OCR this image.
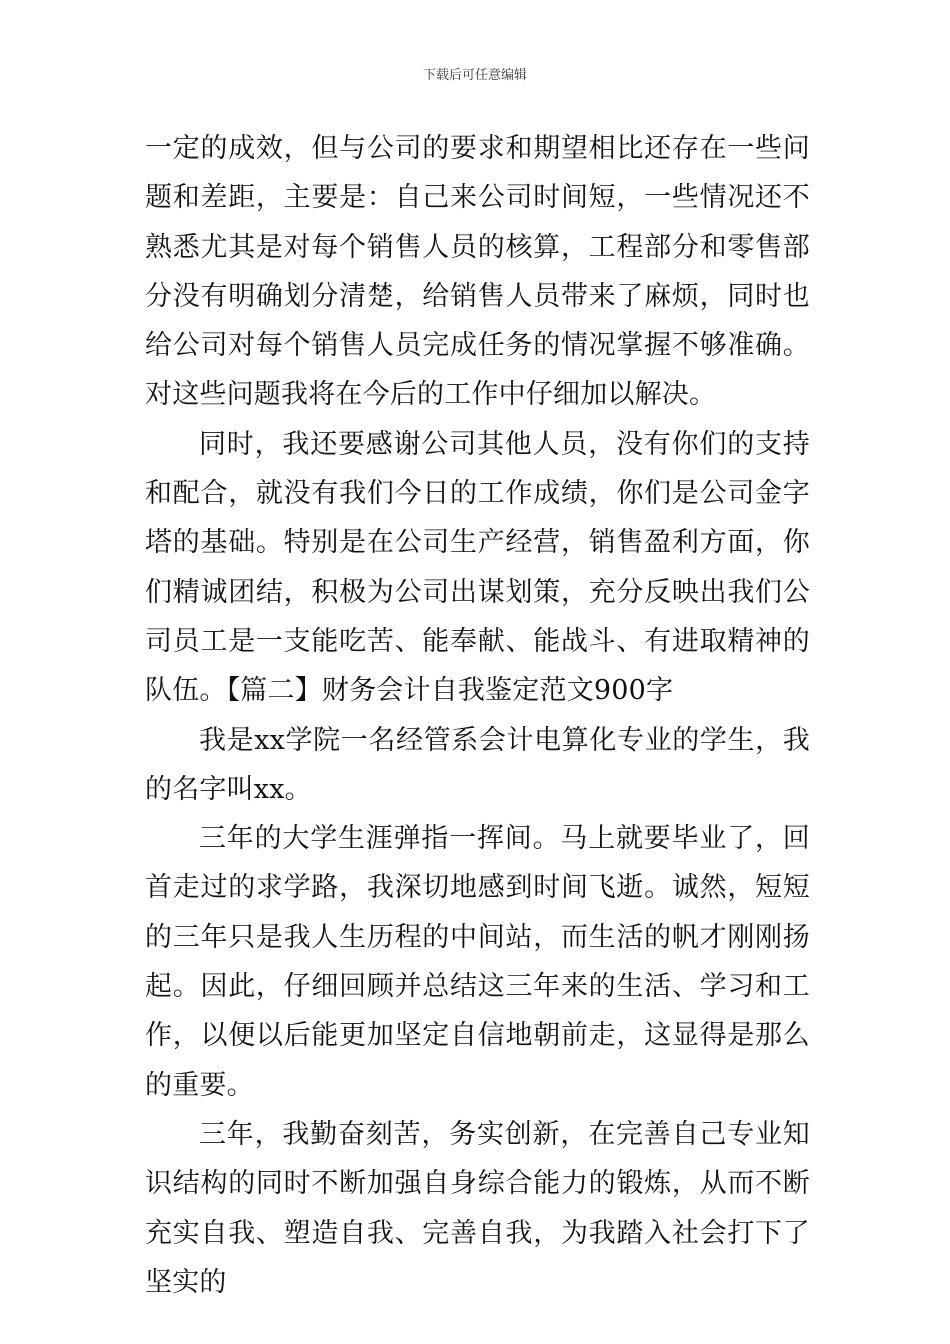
下载后可任意编辑

一定的成效，但与公司的要求和期望相比还存在一些问题和差距，主要是：自己来公司时间短，一些情况还不熟悉尤其是对每个销售人员的核算，工程部分和零售部分没有明确划分清楚，给销售人员带来了麻烦，同时也给公司对每个销售人员完成任务的情况掌握不够准确。对这些问题我将在今后的工作中仔细加以解决。

同时，我还要感谢公司其他人员，没有你们的支持和配合，就没有我们今日的工作成绩，你们是公司金字塔的基础。特别是在公司生产经营，销售盈利方面，你们精诚团结，积极为公司出谋划策，充分反映出我们公司员工是一支能吃苦、能奉献、能战斗、有进取精神的队伍。【篇二】财务会计自我鉴定范文900字

我是xx学院一名经管系会计电算化专业的学生，我的名字叫xx。

三年的大学生涯弹指一挥间。马上就要毕业了，回首走过的求学路，我深切地感到时间飞逝。诚然，短短的三年只是我人生历程的中间站，而生活的帆才刚刚扬起。因此，仔细回顾并总结这三年来的生活、学习和工作，以便以后能更加坚定自信地朝前走，这显得是那么的重要。

三年，我勤奋刻苦，务实创新，在完善自己专业知识结构的同时不断加强自身综合能力的锻炼，从而不断充实自我、塑造自我、完善自我，为我踏入社会打下了坚实的
